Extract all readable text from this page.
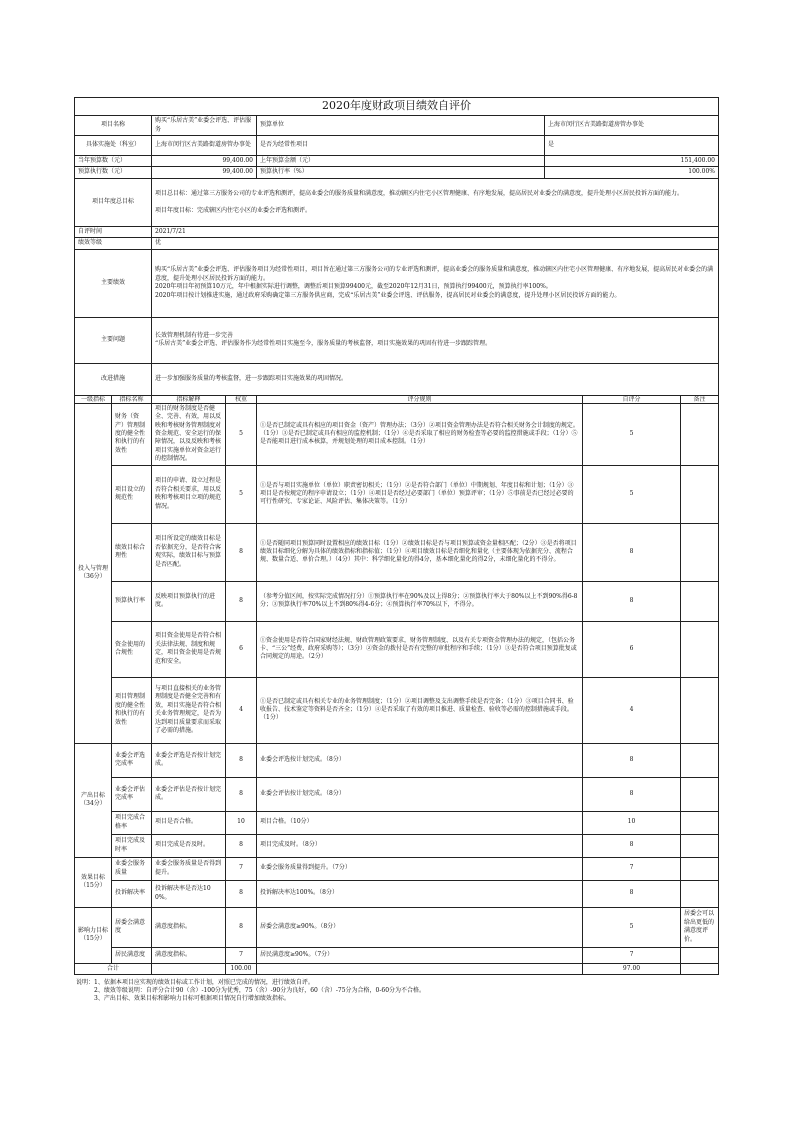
2020年度财政项目绩效自评价							
项目名称		购买“乐居古美”业委会评选、评估服务		预算单位	上海市闵行区古美路街道房管办事处		
具体实施处（科室）		上海市闵行区古美路街道房管办事处		是否为经常性项目	是		
当年预算数（元）		99,400.00		上年预算金额（元）	151,400.00		
预算执行数（元）		99,400.00		预算执行率（%）	100.00%		
项目年度总目标		项目总目标：通过第三方服务公司的专业评选和测评，提高业委会的服务质量和满意度，推动辖区内住宅小区管理健康、有序地发展，提高居民对业委会的满意度，提升处理小区居民投诉方面的能力。

项目年度目标：完成辖区内住宅小区的业委会评选和测评。					
自评时间		2021/7/21					
绩效等级		优					
主要绩效		购买“乐居古美”业委会评选、评估服务项目为经常性项目，项目旨在通过第三方服务公司的专业评选和测评，提高业委会的服务质量和满意度，推动辖区内住宅小区管理健康、有序地发展，提高居民对业委会的满意度，提升处理小区居民投诉方面的能力。
2020年项目年初预算10万元，年中根据实际进行调整，调整后项目预算99400元，截至2020年12月31日，预算执行99400元，预算执行率100%。
2020年项目按计划推进实施，通过政府采购确定第三方服务供应商，完成“乐居古美”业委会评选、评估服务，提高居民对业委会的满意度，提升处理小区居民投诉方面的能力。					
主要问题		长效管理机制有待进一步完善
“乐居古美”业委会评选、评估服务作为经常性项目实施至今，服务质量的考核监督，项目实施效果的巩固有待进一步跟踪管理。					
改进措施		进一步加强服务质量的考核监督，进一步跟踪项目实施效果的巩固情况。					
一级指标	指标名称	指标解释	权重	评分规则		自评分	备注
投入与管理
（36分）	财务（资产）管理制度的健全性和执行的有效性	项目的财务制度是否健全、完善、有效，用以反映和考核财务管理制度对资金规范、安全运行的保障情况，以及反映和考核项目实施单位对资金运行的控制情况。	5	①是否已制定或具有相应的项目资金（资产）管理办法；（3分）②项目资金管理办法是否符合相关财务会计制度的规定。（1分）③是否已制定或具有相应的监控机制；（1分）④是否采取了相应的财务检查等必要的监控措施或手段；（1分）⑤是否能项目进行成本核算，并规划处理的项目成本控制。（1分）		5	
	项目设立的规范性	项目的申请、设立过程是否符合相关要求，用以反映和考核项目立项的规范情况。	5	①是否与项目实施单位（单位）职责密切相关；（1分）②是否符合部门（单位）中期规划、年度目标和计划；（1分）③项目是否按规定的程序申请设立；（1分）④项目是否经过必要部门（单位）预算评审；（1分）⑤事前是否已经过必要的可行性研究、专家论证、风险评估、集体决策等。（1分）		5	
	绩效目标合理性	项目所设定的绩效目标是否依据充分，是否符合客观实际，绩效目标与预算是否匹配。	8	①是否随同项目预算同时设置相应的绩效目标（1分）②绩效目标是否与项目预算或资金量相匹配；（2分）③是否将项目绩效目标细化分解为具体的绩效指标和指标值；（1分）④项目绩效目标是否细化和量化（主要体现为依据充分、流程合规、数量合适、单价合理。）（4分）其中：科学细化量化的得4分，基本细化量化的得2分，未细化量化的不得分。		8	
	预算执行率	反映项目预算执行的进度。	8	（参考分值区间，按实际完成情况打分）①预算执行率在90%及以上得8分；②预算执行率大于80%以上不到90%得6-8分；③预算执行率70%以上不到80%得4-6分；④预算执行率70%以下，不得分。		8	
	资金使用的合规性	项目资金使用是否符合相关法律法规、制度和规定，项目资金使用是否规范和安全。	6	①资金使用是否符合国家财经法规、财政管理政策要求，财务管理制度、以及有关专项资金管理办法的规定，（包括公务卡、“三公”经费、政府采购等）；（3分）②资金的拨付是否有完整的审批程序和手续；（1分）③是否符合项目预算批复或合同规定的用途。（2分）		6	
	项目管理制度的健全性和执行的有效性	与项目直接相关的业务管理制度是否健全完善和有效，项目实施是否符合相关业务管理规定，是否为达到项目质量要求而采取了必需的措施。	4	①是否已制定或具有相关专业的业务管理制度；（1分）②项目调整及支出调整手续是否完备；（1分）③项目合同书、验收报告、技术鉴定等资料是否齐全；（1分）④是否采取了有效的项目推进、质量检查、验收等必需的控制措施或手段。（1分）		4	
产出目标
（34分）	业委会评选完成率	业委会评选是否按计划完成。	8	业委会评选按计划完成。（8分）		8	
	业委会评估完成率	业委会评估是否按计划完成。	8	业委会评估按计划完成。（8分）		8	
	项目完成合格率	项目是否合格。	10	项目合格。（10分）		10	
	项目完成及时率	项目完成是否及时。	8	项目完成及时。（8分）		8	
效果目标
（15分）	业委会服务质量	业委会服务质量是否得到提升。	7	业委会服务质量得到提升。（7分）		7	
	投诉解决率	投诉解决率是否达100%。	8	投诉解决率达100%。（8分）		8	
影响力目标
（15分）	居委会满意度	满意度指标。	8	居委会满意度≥90%。（8分）		5	居委会可以给出更低的满意度评价。
	居民满意度	满意度指标。	7	居民满意度≥90%。（7分）		7	
合计			100.00			97.00	
说明：1、依据本项目应实现的绩效目标或工作计划，对照已完成的情况，进行绩效自评。
　　　2、绩效等级说明：自评分合计90（含）-100分为优秀，75（含）-90分为良好，60（含）-75分为合格，0-60分为不合格。
　　　3、产出目标、效果目标和影响力目标可根据项目情况自行增加绩效指标。
